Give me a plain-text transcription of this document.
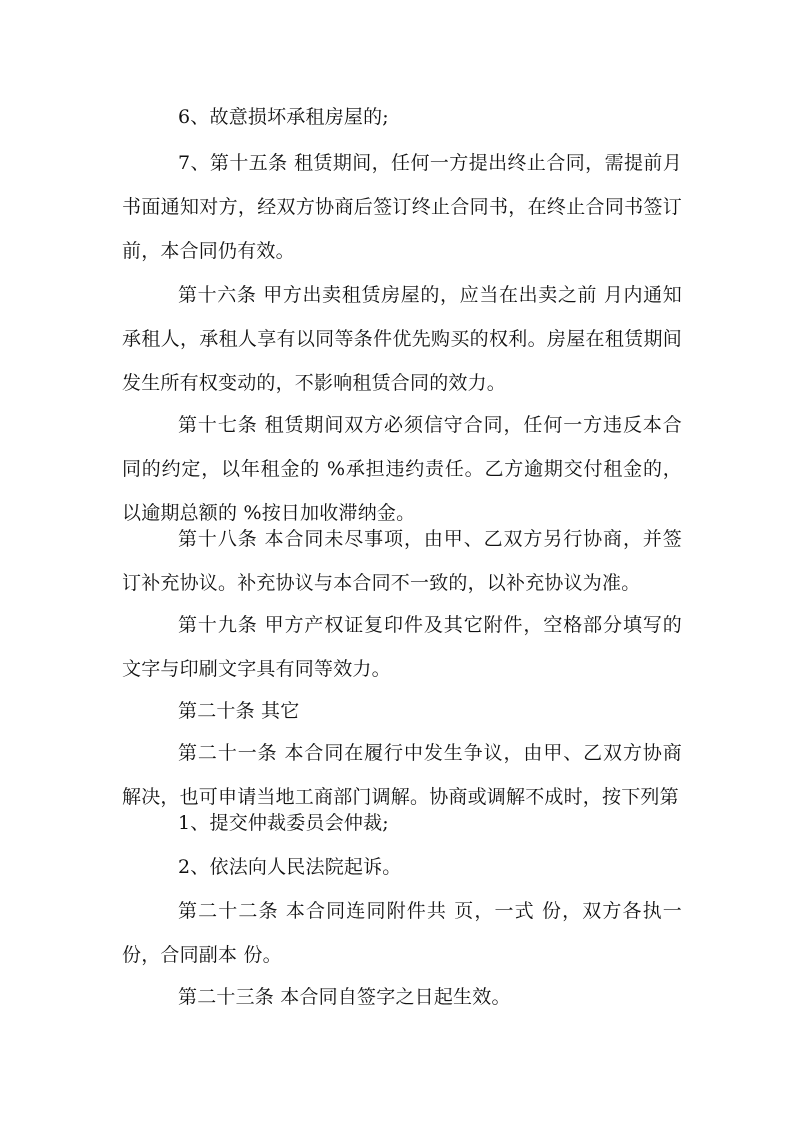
6、故意损坏承租房屋的;
7、第十五条 租赁期间，任何一方提出终止合同，需提前月书面通知对方，经双方协商后签订终止合同书，在终止合同书签订前，本合同仍有效。
第十六条 甲方出卖租赁房屋的，应当在出卖之前 月内通知承租人，承租人享有以同等条件优先购买的权利。房屋在租赁期间发生所有权变动的，不影响租赁合同的效力。
第十七条 租赁期间双方必须信守合同，任何一方违反本合同的约定，以年租金的 %承担违约责任。乙方逾期交付租金的，以逾期总额的 %按日加收滞纳金。
第十八条 本合同未尽事项，由甲、乙双方另行协商，并签订补充协议。补充协议与本合同不一致的，以补充协议为准。
第十九条 甲方产权证复印件及其它附件，空格部分填写的文字与印刷文字具有同等效力。
第二十条 其它
第二十一条 本合同在履行中发生争议，由甲、乙双方协商解决，也可申请当地工商部门调解。协商或调解不成时，按下列第
1、提交仲裁委员会仲裁;
2、依法向人民法院起诉。
第二十二条 本合同连同附件共 页，一式 份，双方各执一份，合同副本 份。
第二十三条 本合同自签字之日起生效。
